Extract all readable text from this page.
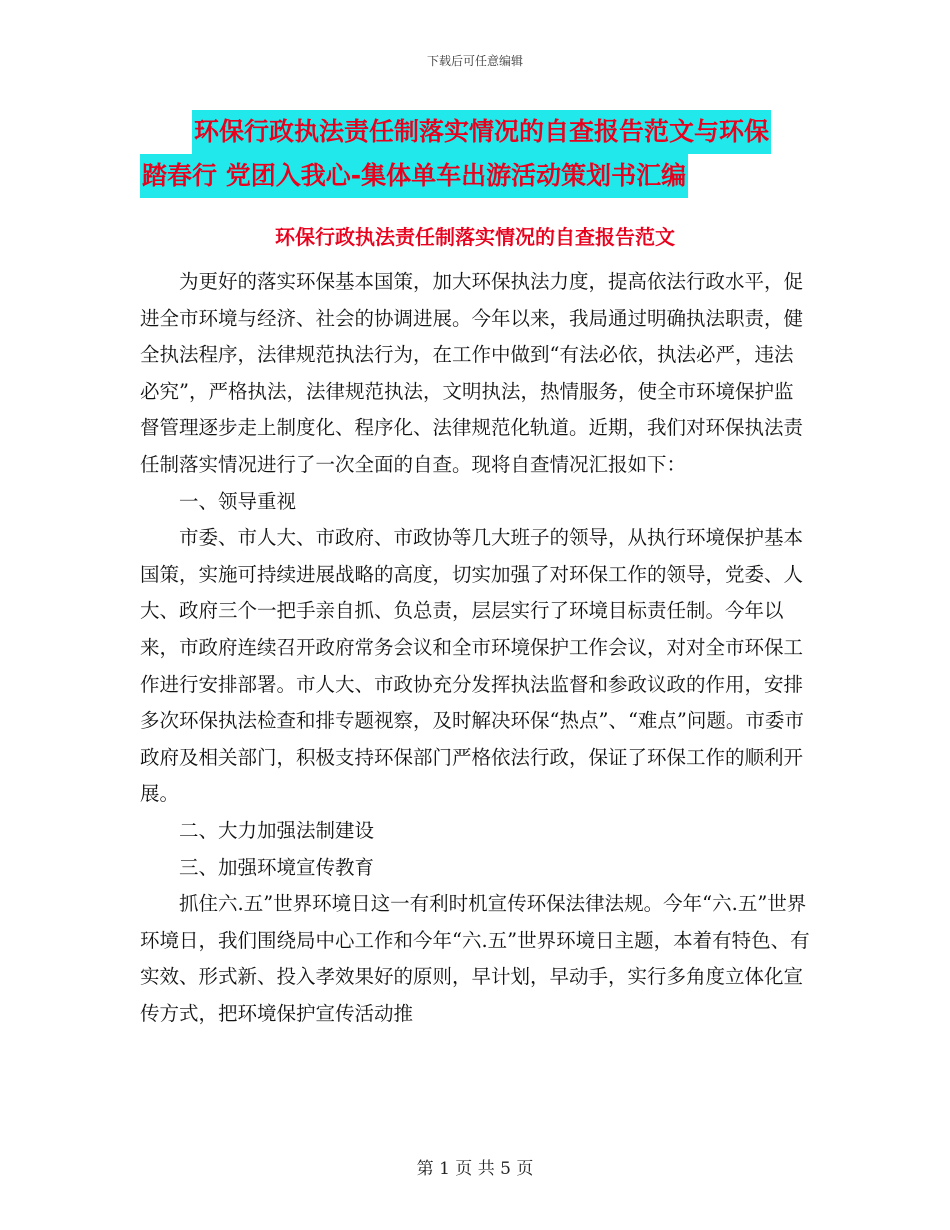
下载后可任意编辑
环保行政执法责任制落实情况的自查报告范文与环保
踏春行 党团入我心-集体单车出游活动策划书汇编
环保行政执法责任制落实情况的自查报告范文

为更好的落实环保基本国策，加大环保执法力度，提高依法行政水平，促进全市环境与经济、社会的协调进展。今年以来，我局通过明确执法职责，健全执法程序，法律规范执法行为，在工作中做到“有法必依，执法必严，违法必究”，严格执法，法律规范执法，文明执法，热情服务，使全市环境保护监督管理逐步走上制度化、程序化、法律规范化轨道。近期，我们对环保执法责任制落实情况进行了一次全面的自查。现将自查情况汇报如下：

一、领导重视

市委、市人大、市政府、市政协等几大班子的领导，从执行环境保护基本国策，实施可持续进展战略的高度，切实加强了对环保工作的领导，党委、人大、政府三个一把手亲自抓、负总责，层层实行了环境目标责任制。今年以来，市政府连续召开政府常务会议和全市环境保护工作会议，对对全市环保工作进行安排部署。市人大、市政协充分发挥执法监督和参政议政的作用，安排多次环保执法检查和排专题视察，及时解决环保“热点”、“难点”问题。市委市政府及相关部门，积极支持环保部门严格依法行政，保证了环保工作的顺利开展。

二、大力加强法制建设

三、加强环境宣传教育

抓住六.五”世界环境日这一有利时机宣传环保法律法规。今年“六.五”世界环境日，我们围绕局中心工作和今年“六.五”世界环境日主题，本着有特色、有实效、形式新、投入孝效果好的原则，早计划，早动手，实行多角度立体化宣传方式，把环境保护宣传活动推

第 1 页 共 5 页
